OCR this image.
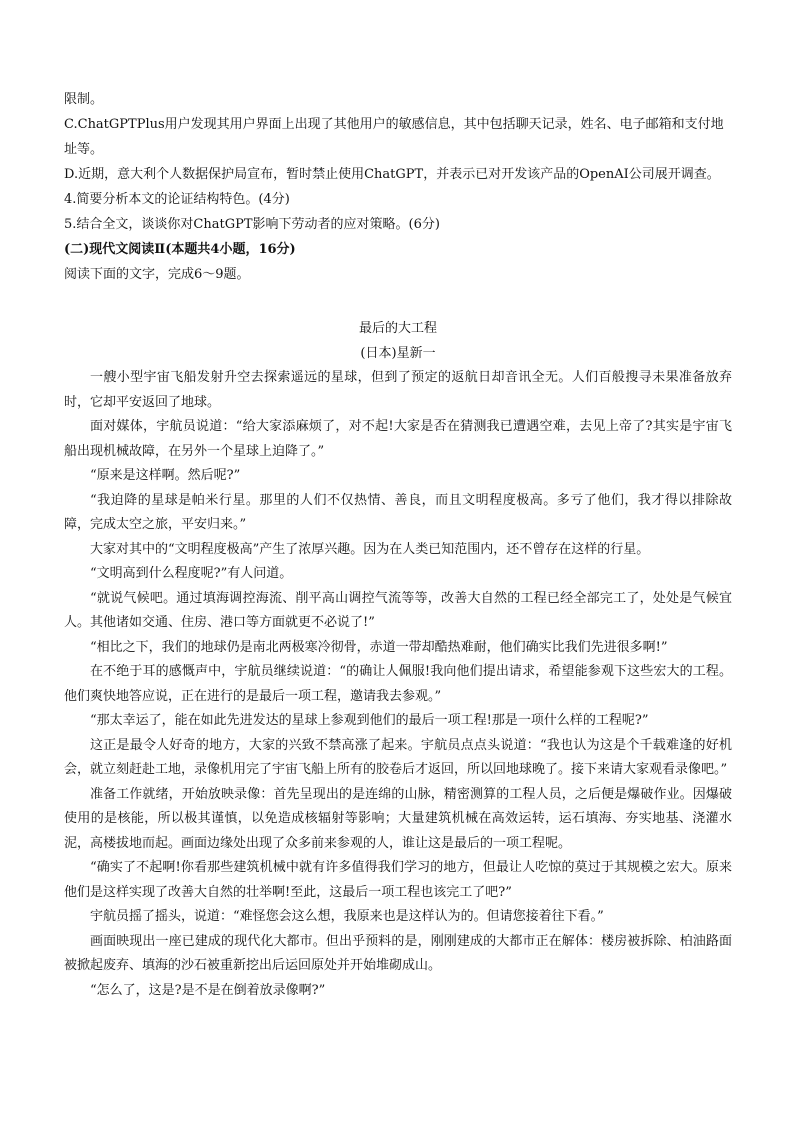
限制。

C.ChatGPTPlus用户发现其用户界面上出现了其他用户的敏感信息，其中包括聊天记录，姓名、电子邮箱和支付地址等。

D.近期，意大利个人数据保护局宣布，暂时禁止使用ChatGPT，并表示已对开发该产品的OpenAI公司展开调查。

4.简要分析本文的论证结构特色。(4分)

5.结合全文，谈谈你对ChatGPT影响下劳动者的应对策略。(6分)

(二)现代文阅读Ⅱ(本题共4小题，16分)

阅读下面的文字，完成6～9题。

最后的大工程

(日本)星新一

一艘小型宇宙飞船发射升空去探索遥远的星球，但到了预定的返航日却音讯全无。人们百般搜寻未果准备放弃时，它却平安返回了地球。

面对媒体，宇航员说道：“给大家添麻烦了，对不起!大家是否在猜测我已遭遇空难，去见上帝了?其实是宇宙飞船出现机械故障，在另外一个星球上迫降了。”

“原来是这样啊。然后呢?”

“我迫降的星球是帕米行星。那里的人们不仅热情、善良，而且文明程度极高。多亏了他们，我才得以排除故障，完成太空之旅，平安归来。”

大家对其中的“文明程度极高”产生了浓厚兴趣。因为在人类已知范围内，还不曾存在这样的行星。

“文明高到什么程度呢?”有人问道。

“就说气候吧。通过填海调控海流、削平高山调控气流等等，改善大自然的工程已经全部完工了，处处是气候宜人。其他诸如交通、住房、港口等方面就更不必说了!”

“相比之下，我们的地球仍是南北两极寒冷彻骨，赤道一带却酷热难耐，他们确实比我们先进很多啊!”

在不绝于耳的感慨声中，宇航员继续说道：“的确让人佩服!我向他们提出请求，希望能参观下这些宏大的工程。他们爽快地答应说，正在进行的是最后一项工程，邀请我去参观。”

“那太幸运了，能在如此先进发达的星球上参观到他们的最后一项工程!那是一项什么样的工程呢?”

这正是最令人好奇的地方，大家的兴致不禁高涨了起来。宇航员点点头说道：“我也认为这是个千载难逢的好机会，就立刻赶赴工地，录像机用完了宇宙飞船上所有的胶卷后才返回，所以回地球晚了。接下来请大家观看录像吧。”

准备工作就绪，开始放映录像：首先呈现出的是连绵的山脉，精密测算的工程人员，之后便是爆破作业。因爆破使用的是核能，所以极其谨慎，以免造成核辐射等影响；大量建筑机械在高效运转，运石填海、夯实地基、浇灌水泥，高楼拔地而起。画面边缘处出现了众多前来参观的人，谁让这是最后的一项工程呢。

“确实了不起啊!你看那些建筑机械中就有许多值得我们学习的地方，但最让人吃惊的莫过于其规模之宏大。原来他们是这样实现了改善大自然的壮举啊!至此，这最后一项工程也该完工了吧?”

宇航员摇了摇头，说道：“难怪您会这么想，我原来也是这样认为的。但请您接着往下看。”

画面映现出一座已建成的现代化大都市。但出乎预料的是，刚刚建成的大都市正在解体：楼房被拆除、柏油路面被掀起废弃、填海的沙石被重新挖出后运回原处并开始堆砌成山。

“怎么了，这是?是不是在倒着放录像啊?”
